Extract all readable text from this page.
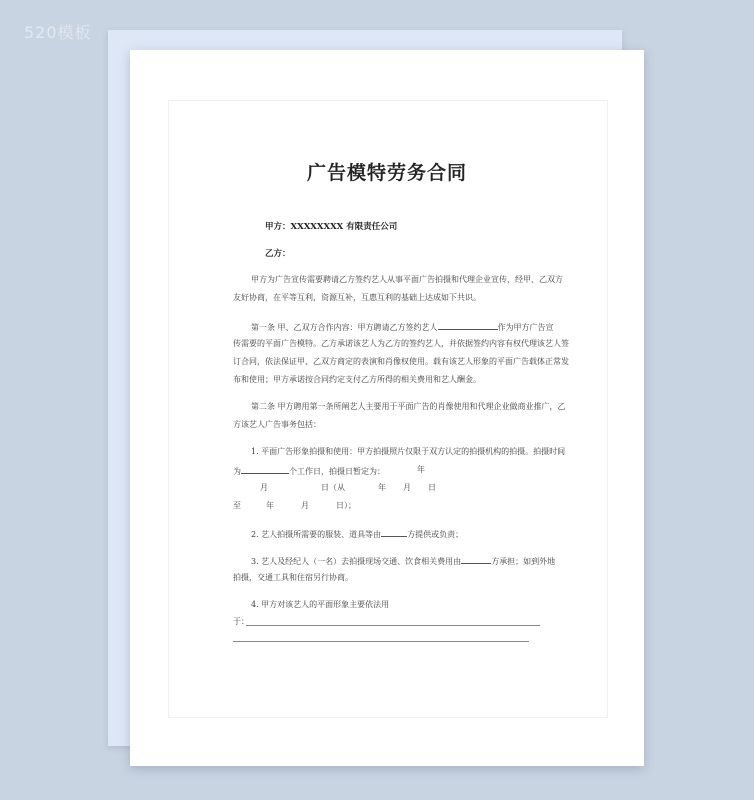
520模板
广告模特劳务合同
甲方：XXXXXXXX 有限责任公司
乙方：
甲方为广告宣传需要聘请乙方签约艺人从事平面广告拍摄和代理企业宣传，经甲、乙双方
友好协商，在平等互利，资源互补，互惠互利的基础上达成如下共识。
第一条 甲、乙双方合作内容：甲方聘请乙方签约艺人	作为甲方广告宣
传需要的平面广告模特。乙方承诺该艺人为乙方的签约艺人，并依据签约内容有权代理该艺人签
订合同，依法保证甲、乙双方商定的表演和肖像权使用。载有该艺人形象的平面广告载体正常发
布和使用；甲方承诺按合同约定支付乙方所得的相关费用和艺人酬金。
第二条 甲方聘用第一条所阐艺人主要用于平面广告的肖像使用和代理企业做商业推广，乙
方该艺人广告事务包括：
1. 平面广告形象拍摄和使用：甲方拍摄照片仅限于双方认定的拍摄机构的拍摄。拍摄时间
为	个工作日，拍摄日暂定为：	年
月	日（从	年 月 日
至	年	月	日）；
2. 艺人拍摄所需要的服装、道具等由	方提供或负责；
3. 艺人及经纪人（一名）去拍摄现场交通、饮食相关费用由	方承担；如到外地
拍摄，交通工具和住宿另行协商。
4. 甲方对该艺人的平面形象主要依法用
于：
